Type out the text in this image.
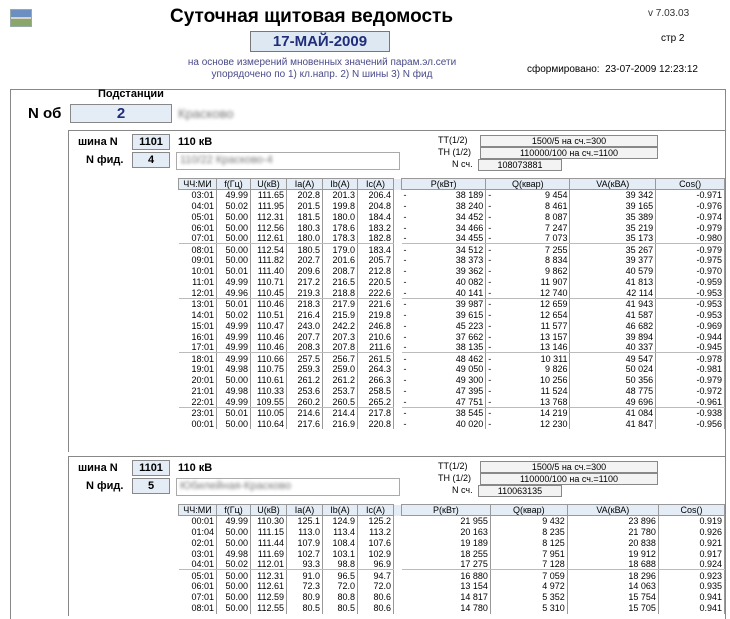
Суточная щитовая ведомость	v 7.03.03
стр 2
17-МАЙ-2009
на основе измерений мновенных значений парам.эл.сети
упорядочено по 1) кл.напр. 2) N шины 3) N фид	сформировано: 23-07-2009 12:23:12
Подстанции
N об	2	Красково
шина N	1101	110 кВ
N фид.	4	110/22 Красково-4
ТТ(1/2)	1500/5 на сч.=300
ТН (1/2)	110000/100 на сч.=1100
N сч.	108073881
ЧЧ:МИ	f(Гц)	U(кВ)	Ia(A)	Ib(A)	Ic(A)		P(кВт)		Q(квар)		VA(кВА)	Cos()
03:01	49.99	111.65	202.8	201.3	206.4		-	38 189	-	9 454	39 342	-0.971
04:01	50.02	111.95	201.5	199.8	204.8		-	38 240	-	8 461	39 165	-0.976
05:01	50.00	112.31	181.5	180.0	184.4		-	34 452	-	8 087	35 389	-0.974
06:01	50.00	112.56	180.3	178.6	183.2		-	34 466	-	7 247	35 219	-0.979
07:01	50.00	112.61	180.0	178.3	182.8		-	34 455	-	7 073	35 173	-0.980
08:01	50.00	112.54	180.5	179.0	183.4		-	34 512	-	7 255	35 267	-0.979
09:01	50.00	111.82	202.7	201.6	205.7		-	38 373	-	8 834	39 377	-0.975
10:01	50.01	111.40	209.6	208.7	212.8		-	39 362	-	9 862	40 579	-0.970
11:01	49.99	110.71	217.2	216.5	220.5		-	40 082	-	11 907	41 813	-0.959
12:01	49.96	110.45	219.3	218.8	222.6		-	40 141	-	12 740	42 114	-0.953
13:01	50.01	110.46	218.3	217.9	221.6		-	39 987	-	12 659	41 943	-0.953
14:01	50.02	110.51	216.4	215.9	219.8		-	39 615	-	12 654	41 587	-0.953
15:01	49.99	110.47	243.0	242.2	246.8		-	45 223	-	11 577	46 682	-0.969
16:01	49.99	110.46	207.7	207.3	210.6		-	37 662	-	13 157	39 894	-0.944
17:01	49.99	110.46	208.3	207.8	211.6		-	38 135	-	13 146	40 337	-0.945
18:01	49.99	110.66	257.5	256.7	261.5		-	48 462	-	10 311	49 547	-0.978
19:01	49.98	110.75	259.3	259.0	264.3		-	49 050	-	9 826	50 024	-0.981
20:01	50.00	110.61	261.2	261.2	266.3		-	49 300	-	10 256	50 356	-0.979
21:01	49.98	110.33	253.6	253.7	258.5		-	47 395	-	11 524	48 775	-0.972
22:01	49.99	109.55	260.2	260.5	265.2		-	47 751	-	13 768	49 696	-0.961
23:01	50.01	110.05	214.6	214.4	217.8		-	38 545	-	14 219	41 084	-0.938
00:01	50.00	110.64	217.6	216.9	220.8		-	40 020	-	12 230	41 847	-0.956
шина N	1101	110 кВ
N фид.	5	Юбилейная-Красково
ТТ(1/2)	1500/5 на сч.=300
ТН (1/2)	110000/100 на сч.=1100
N сч.	110063135
ЧЧ:МИ	f(Гц)	U(кВ)	Ia(A)	Ib(A)	Ic(A)		P(кВт)		Q(квар)		VA(кВА)	Cos()
00:01	49.99	110.30	125.1	124.9	125.2			21 955		9 432	23 896	0.919
01:04	50.00	111.15	113.0	113.4	113.2			20 163		8 235	21 780	0.926
02:01	50.00	111.44	107.9	108.4	107.6			19 189		8 125	20 838	0.921
03:01	49.98	111.69	102.7	103.1	102.9			18 255		7 951	19 912	0.917
04:01	50.02	112.01	93.3	98.8	96.9			17 275		7 128	18 688	0.924
05:01	50.00	112.31	91.0	96.5	94.7			16 880		7 059	18 296	0.923
06:01	50.00	112.61	72.3	72.0	72.0			13 154		4 972	14 063	0.935
07:01	50.00	112.59	80.9	80.8	80.6			14 817		5 352	15 754	0.941
08:01	50.00	112.55	80.5	80.5	80.6			14 780		5 310	15 705	0.941
